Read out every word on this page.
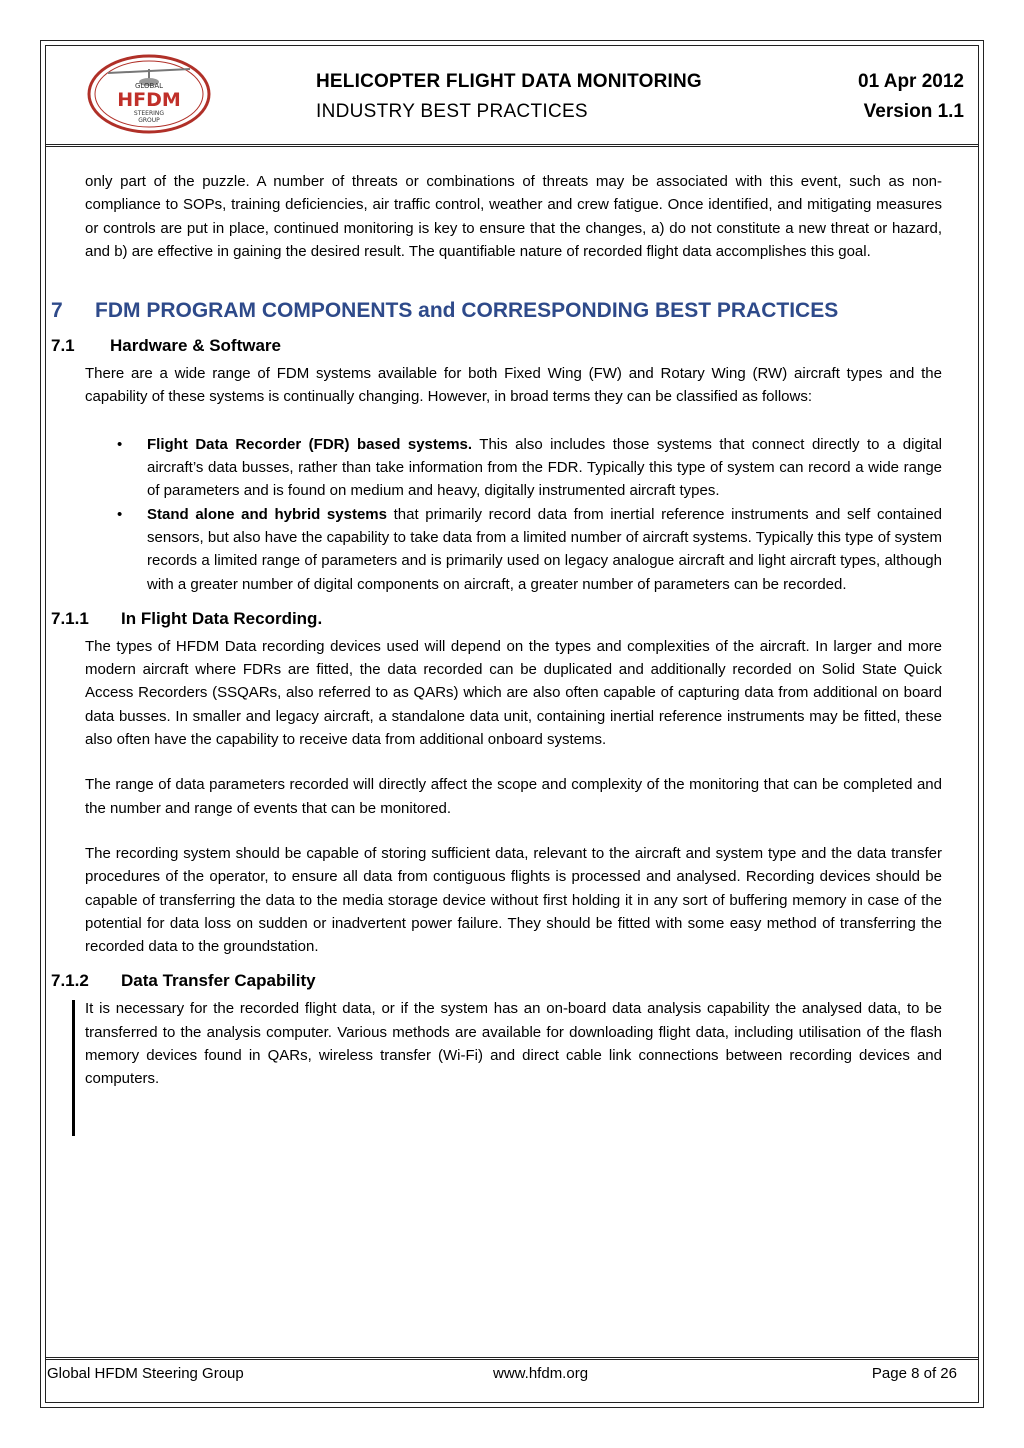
GLOBAL
HFDM
STEERING
GROUP
HELICOPTER FLIGHT DATA MONITORING
INDUSTRY BEST PRACTICES
01 Apr 2012
Version 1.1

only part of the puzzle. A number of threats or combinations of threats may be associated with this event, such as non-compliance to SOPs, training deficiencies, air traffic control, weather and crew fatigue. Once identified, and mitigating measures or controls are put in place, continued monitoring is key to ensure that the changes, a) do not constitute a new threat or hazard, and b) are effective in gaining the desired result. The quantifiable nature of recorded flight data accomplishes this goal.

7	FDM PROGRAM COMPONENTS and CORRESPONDING BEST PRACTICES
7.1	Hardware & Software

There are a wide range of FDM systems available for both Fixed Wing (FW) and Rotary Wing (RW) aircraft types and the capability of these systems is continually changing. However, in broad terms they can be classified as follows:

• Flight Data Recorder (FDR) based systems. This also includes those systems that connect directly to a digital aircraft’s data busses, rather than take information from the FDR. Typically this type of system can record a wide range of parameters and is found on medium and heavy, digitally instrumented aircraft types.
• Stand alone and hybrid systems that primarily record data from inertial reference instruments and self contained sensors, but also have the capability to take data from a limited number of aircraft systems. Typically this type of system records a limited range of parameters and is primarily used on legacy analogue aircraft and light aircraft types, although with a greater number of digital components on aircraft, a greater number of parameters can be recorded.
7.1.1	In Flight Data Recording.

The types of HFDM Data recording devices used will depend on the types and complexities of the aircraft. In larger and more modern aircraft where FDRs are fitted, the data recorded can be duplicated and additionally recorded on Solid State Quick Access Recorders (SSQARs, also referred to as QARs) which are also often capable of capturing data from additional on board data busses. In smaller and legacy aircraft, a standalone data unit, containing inertial reference instruments may be fitted, these also often have the capability to receive data from additional onboard systems.

The range of data parameters recorded will directly affect the scope and complexity of the monitoring that can be completed and the number and range of events that can be monitored.

The recording system should be capable of storing sufficient data, relevant to the aircraft and system type and the data transfer procedures of the operator, to ensure all data from contiguous flights is processed and analysed. Recording devices should be capable of transferring the data to the media storage device without first holding it in any sort of buffering memory in case of the potential for data loss on sudden or inadvertent power failure. They should be fitted with some easy method of transferring the recorded data to the groundstation.

7.1.2	Data Transfer Capability

It is necessary for the recorded flight data, or if the system has an on-board data analysis capability the analysed data, to be transferred to the analysis computer. Various methods are available for downloading flight data, including utilisation of the flash memory devices found in QARs, wireless transfer (Wi-Fi) and direct cable link connections between recording devices and computers.

Global HFDM Steering Group	www.hfdm.org	Page 8 of 26
